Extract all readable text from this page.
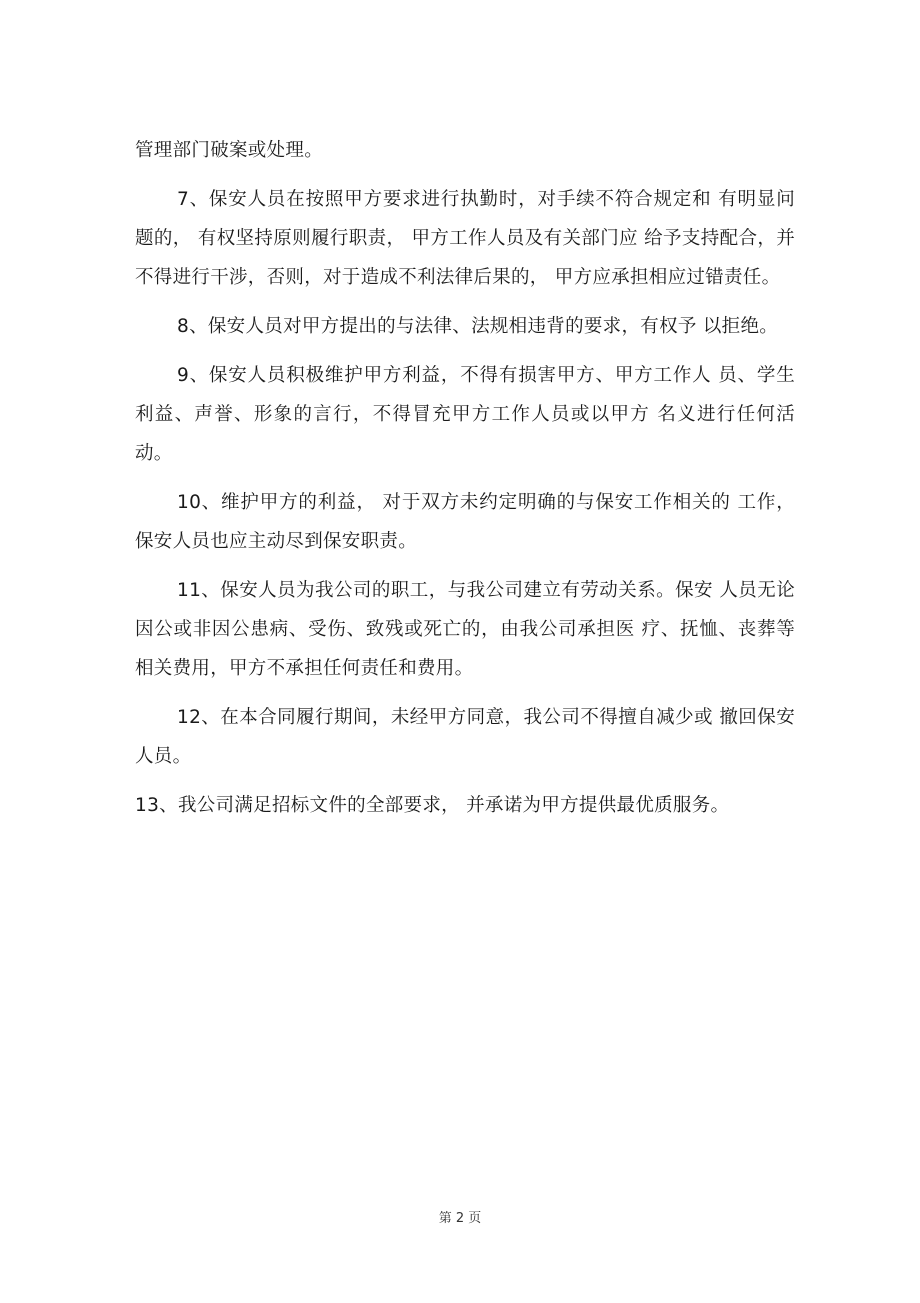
管理部门破案或处理。

7、保安人员在按照甲方要求进行执勤时，对手续不符合规定和 有明显问题的， 有权坚持原则履行职责， 甲方工作人员及有关部门应 给予支持配合，并不得进行干涉，否则，对于造成不利法律后果的， 甲方应承担相应过错责任。

8、保安人员对甲方提出的与法律、法规相违背的要求，有权予 以拒绝。

9、保安人员积极维护甲方利益，不得有损害甲方、甲方工作人 员、学生利益、声誉、形象的言行，不得冒充甲方工作人员或以甲方 名义进行任何活动。

10、维护甲方的利益， 对于双方未约定明确的与保安工作相关的 工作，保安人员也应主动尽到保安职责。

11、保安人员为我公司的职工，与我公司建立有劳动关系。保安 人员无论因公或非因公患病、受伤、致残或死亡的，由我公司承担医 疗、抚恤、丧葬等相关费用，甲方不承担任何责任和费用。

12、在本合同履行期间，未经甲方同意，我公司不得擅自减少或 撤回保安人员。

13、我公司满足招标文件的全部要求， 并承诺为甲方提供最优质服务。

第 2 页
